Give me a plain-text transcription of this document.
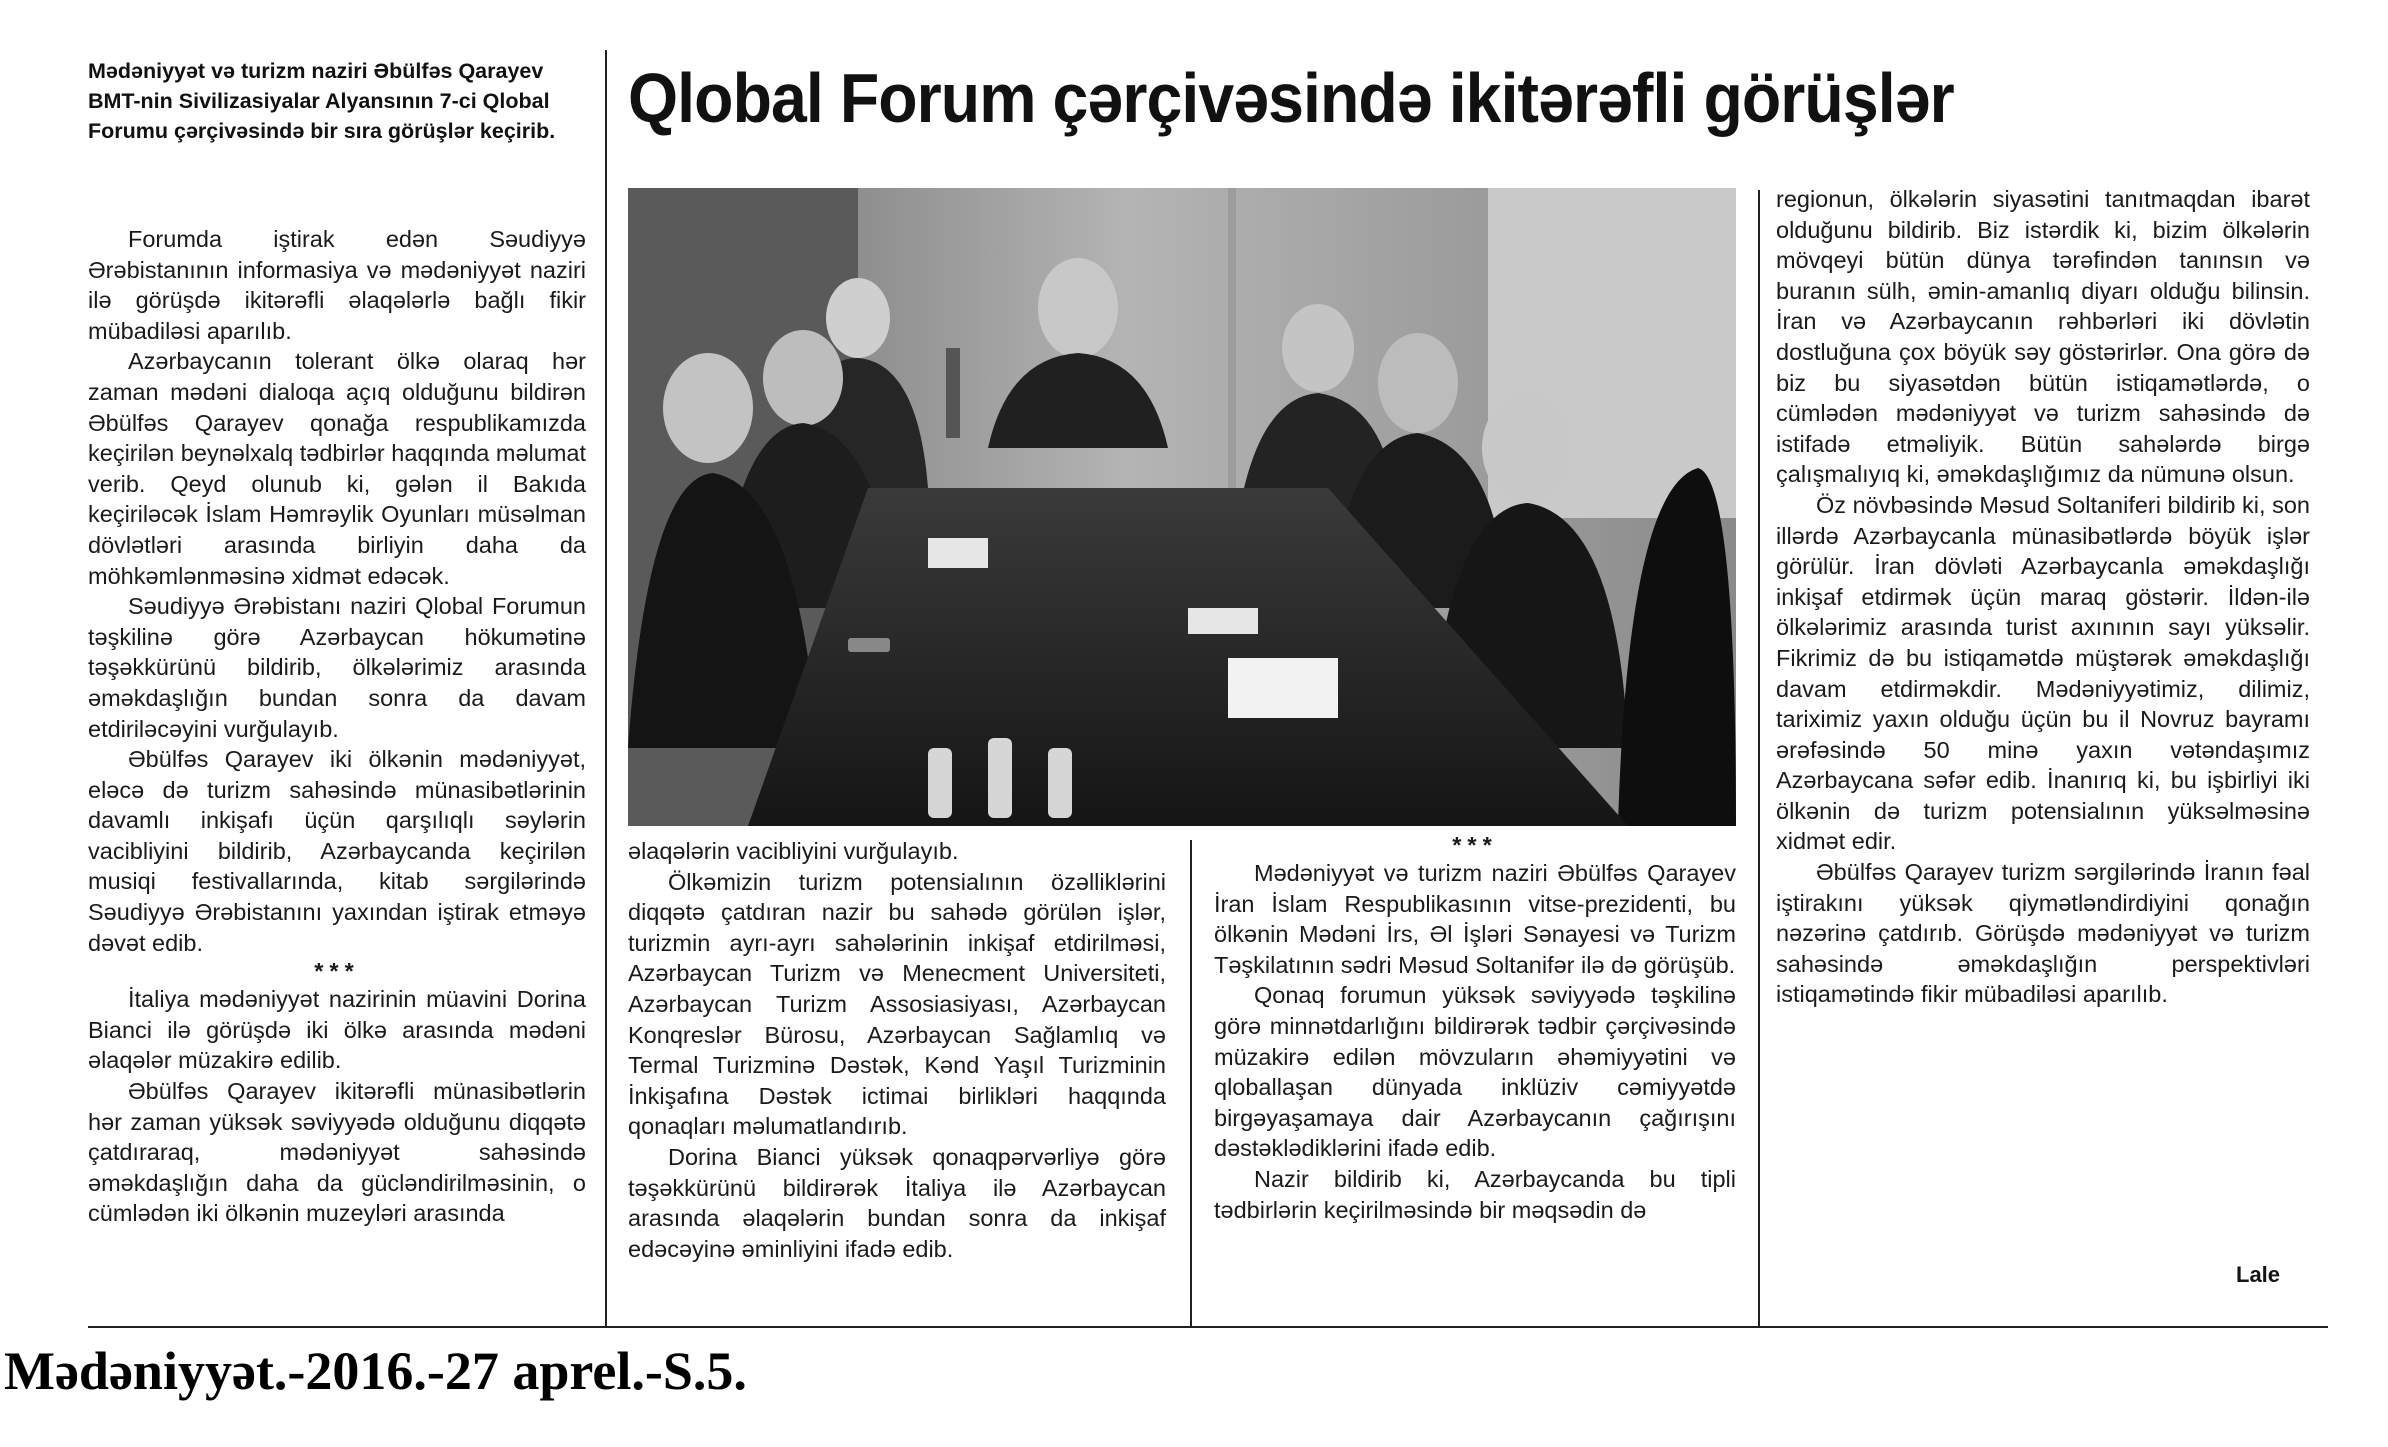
Mədəniyyət və turizm naziri Əbülfəs Qarayev BMT-nin Sivilizasiyalar Alyansının 7-ci Qlobal Forumu çərçivəsində bir sıra görüşlər keçirib. Qlobal Forum çərçivəsində ikitərəfli görüşlər

Forumda iştirak edən Səudiyyə Ərəbistanının informasiya və mədəniyyət naziri ilə görüşdə ikitərəfli əlaqələrlə bağlı fikir mübadiləsi aparılıb.

Azərbaycanın tolerant ölkə olaraq hər zaman mədəni dialoqa açıq olduğunu bildirən Əbülfəs Qarayev qonağa respublikamızda keçirilən beynəlxalq tədbirlər haqqında məlumat verib. Qeyd olunub ki, gələn il Bakıda keçiriləcək İslam Həmrəylik Oyunları müsəlman dövlətləri arasında birliyin daha da möhkəmlənməsinə xidmət edəcək.

Səudiyyə Ərəbistanı naziri Qlobal Forumun təşkilinə görə Azərbaycan hökumətinə təşəkkürünü bildirib, ölkələrimiz arasında əməkdaşlığın bundan sonra da davam etdiriləcəyini vurğulayıb.

Əbülfəs Qarayev iki ölkənin mədəniyyət, eləcə də turizm sahəsində münasibətlərinin davamlı inkişafı üçün qarşılıqlı səylərin vacibliyini bildirib, Azərbaycanda keçirilən musiqi festivallarında, kitab sərgilərində Səudiyyə Ərəbistanını yaxından iştirak etməyə dəvət edib.

***

İtaliya mədəniyyət nazirinin müavini Dorina Bianci ilə görüşdə iki ölkə arasında mədəni əlaqələr müzakirə edilib.

Əbülfəs Qarayev ikitərəfli münasibətlərin hər zaman yüksək səviyyədə olduğunu diqqətə çatdıraraq, mədəniyyət sahəsində əməkdaşlığın daha da gücləndirilməsinin, o cümlədən iki ölkənin muzeyləri arasında

əlaqələrin vacibliyini vurğulayıb.

Ölkəmizin turizm potensialının özəlliklərini diqqətə çatdıran nazir bu sahədə görülən işlər, turizmin ayrı-ayrı sahələrinin inkişaf etdirilməsi, Azərbaycan Turizm və Menecment Universiteti, Azərbaycan Turizm Assosiasiyası, Azərbaycan Konqreslər Bürosu, Azərbaycan Sağlamlıq və Termal Turizminə Dəstək, Kənd Yaşıl Turizminin İnkişafına Dəstək ictimai birlikləri haqqında qonaqları məlumatlandırıb.

Dorina Bianci yüksək qonaqpərvərliyə görə təşəkkürünü bildirərək İtaliya ilə Azərbaycan arasında əlaqələrin bundan sonra da inkişaf edəcəyinə əminliyini ifadə edib.

***

Mədəniyyət və turizm naziri Əbülfəs Qarayev İran İslam Respublikasının vitse-prezidenti, bu ölkənin Mədəni İrs, Əl İşləri Sənayesi və Turizm Təşkilatının sədri Məsud Soltanifər ilə də görüşüb.

Qonaq forumun yüksək səviyyədə təşkilinə görə minnətdarlığını bildirərək tədbir çərçivəsində müzakirə edilən mövzuların əhəmiyyətini və qloballaşan dünyada inklüziv cəmiyyətdə birgəyaşamaya dair Azərbaycanın çağırışını dəstəklədiklərini ifadə edib.

Nazir bildirib ki, Azərbaycanda bu tipli tədbirlərin keçirilməsində bir məqsədin də

regionun, ölkələrin siyasətini tanıtmaqdan ibarət olduğunu bildirib. Biz istərdik ki, bizim ölkələrin mövqeyi bütün dünya tərəfindən tanınsın və buranın sülh, əmin-amanlıq diyarı olduğu bilinsin. İran və Azərbaycanın rəhbərləri iki dövlətin dostluğuna çox böyük səy göstərirlər. Ona görə də biz bu siyasətdən bütün istiqamətlərdə, o cümlədən mədəniyyət və turizm sahəsində də istifadə etməliyik. Bütün sahələrdə birgə çalışmalıyıq ki, əməkdaşlığımız da nümunə olsun.

Öz növbəsində Məsud Soltaniferi bildirib ki, son illərdə Azərbaycanla münasibətlərdə böyük işlər görülür. İran dövləti Azərbaycanla əməkdaşlığı inkişaf etdirmək üçün maraq göstərir. İldən-ilə ölkələrimiz arasında turist axınının sayı yüksəlir. Fikrimiz də bu istiqamətdə müştərək əməkdaşlığı davam etdirməkdir. Mədəniyyətimiz, dilimiz, tariximiz yaxın olduğu üçün bu il Novruz bayramı ərəfəsində 50 minə yaxın vətəndaşımız Azərbaycana səfər edib. İnanırıq ki, bu işbirliyi iki ölkənin də turizm potensialının yüksəlməsinə xidmət edir.

Əbülfəs Qarayev turizm sərgilərində İranın fəal iştirakını yüksək qiymətləndirdiyini qonağın nəzərinə çatdırıb. Görüşdə mədəniyyət və turizm sahəsində əməkdaşlığın perspektivləri istiqamətində fikir mübadiləsi aparılıb.

Lale
Mədəniyyət.-2016.-27 aprel.-S.5.
